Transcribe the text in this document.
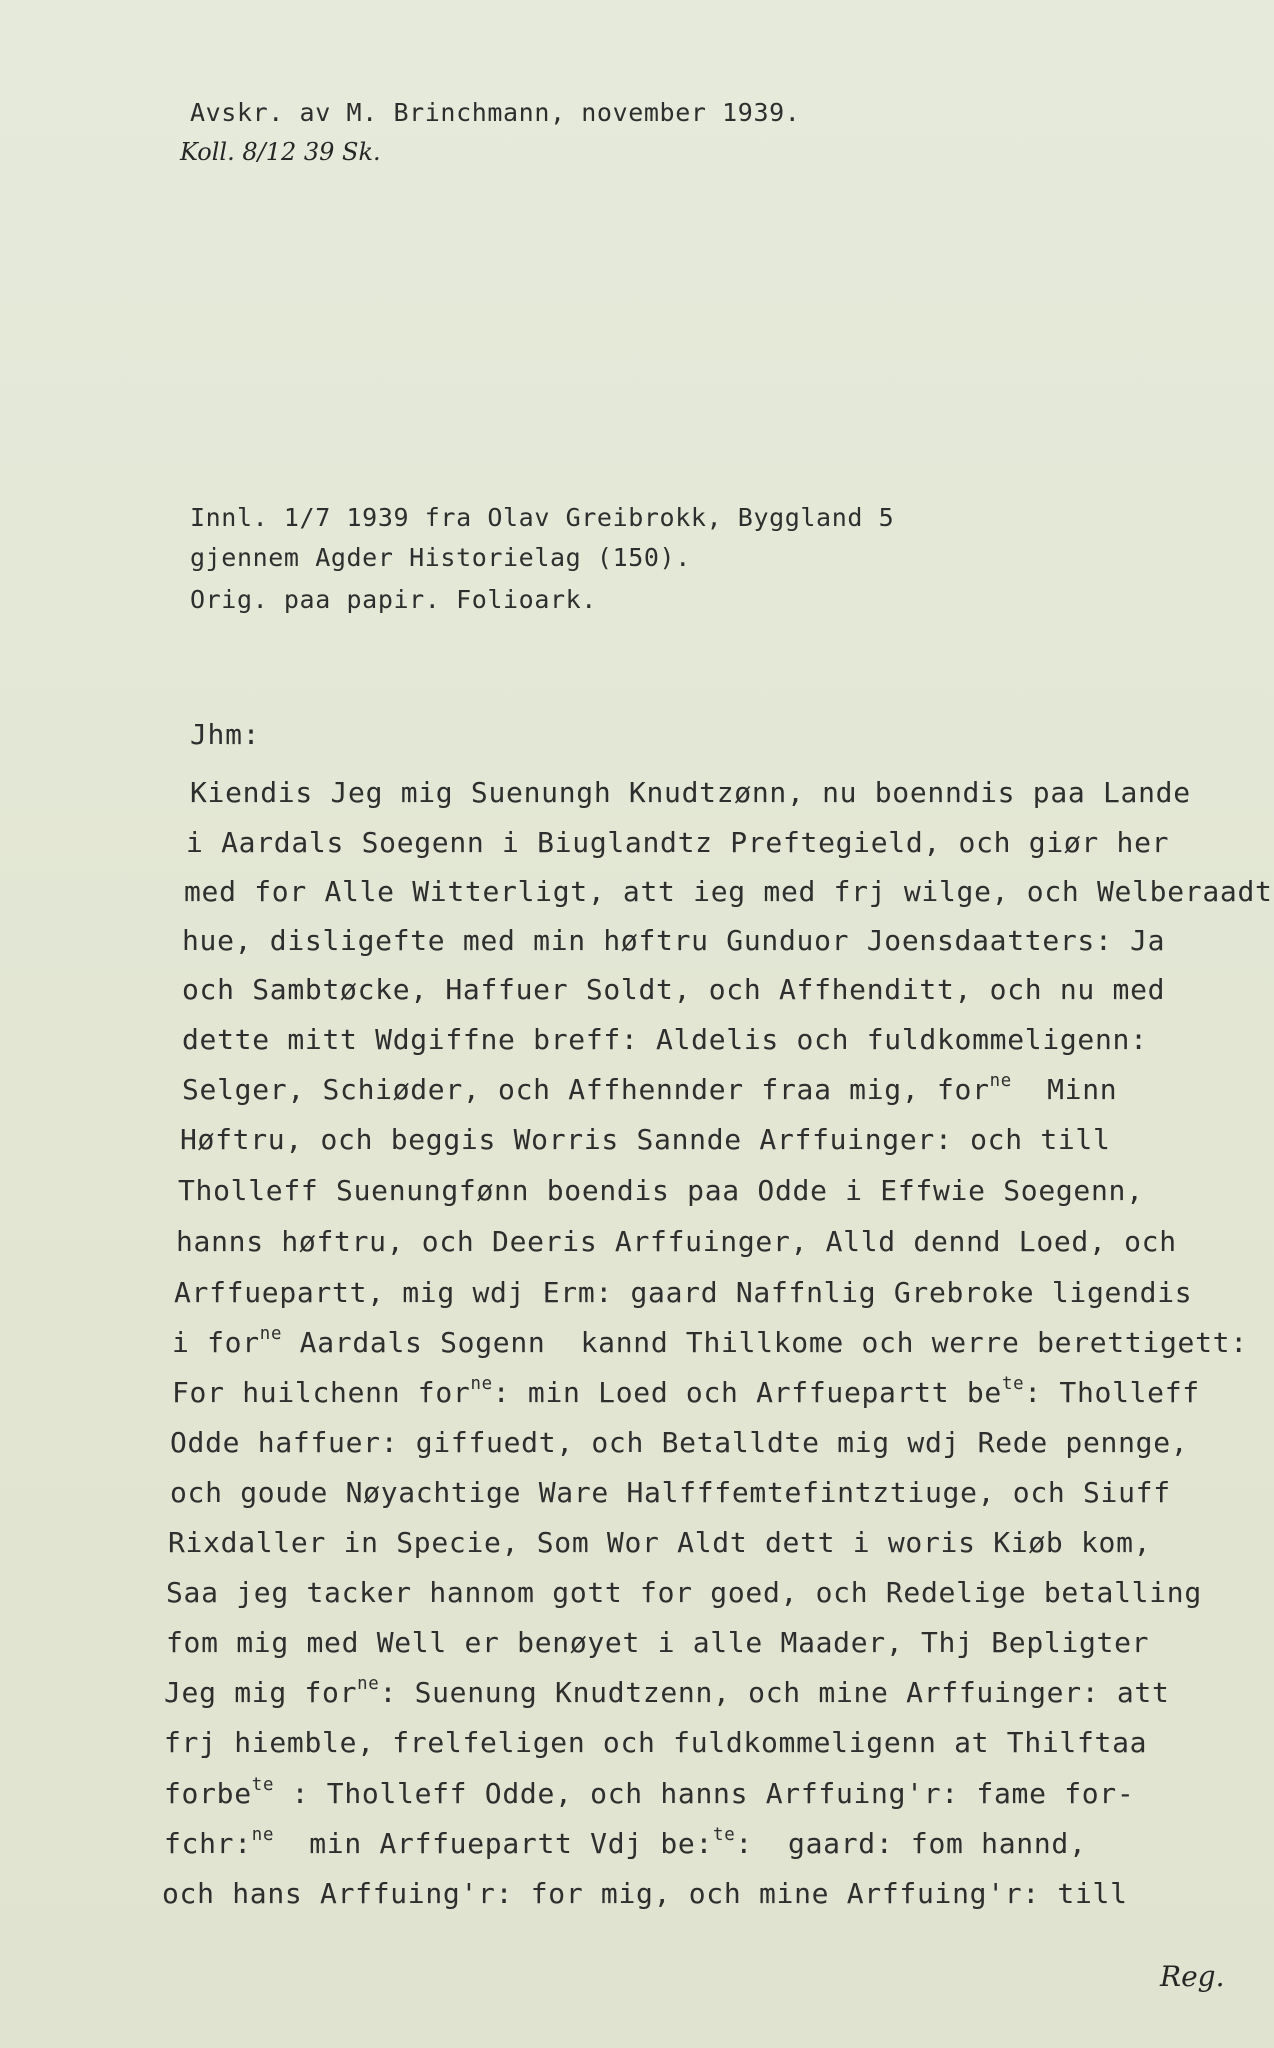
Avskr. av M. Brinchmann, november 1939.
Koll. 8/12 39 Sk.
Innl. 1/7 1939 fra Olav Greibrokk, Byggland 5
gjennem Agder Historielag (150).
Orig. paa papir. Folioark.
Jhm:
Kiendis Jeg mig Suenungh Knudtzønn, nu boenndis paa Lande
i Aardals Soegenn i Biuglandtz Preftegield, och giør her
med for Alle Witterligt, att ieg med frj wilge, och Welberaadt
hue, disligefte med min høftru Gunduor Joensdaatters: Ja
och Sambtøcke, Haffuer Soldt, och Affhenditt, och nu med
dette mitt Wdgiffne breff: Aldelis och fuldkommeligenn:
Selger, Schiøder, och Affhennder fraa mig, for$^{ne}$  Minn
Høftru, och beggis Worris Sannde Arffuinger: och till
Tholleff Suenungfønn boendis paa Odde i Effwie Soegenn,
hanns høftru, och Deeris Arffuinger, Alld dennd Loed, och
Arffuepartt, mig wdj Erm: gaard Naffnlig Grebroke ligendis
i for$^{ne}$ Aardals Sogenn  kannd Thillkome och werre berettigett:
For huilchenn for$^{ne}$: min Loed och Arffuepartt $be^{te}$: Tholleff
Odde haffuer: giffuedt, och Betalldte mig wdj Rede pennge,
och goude Nøyachtige Ware Halfffemtefintztiuge, och Siuff
Rixdaller in Specie, Som Wor Aldt dett i woris Kiøb kom,
Saa jeg tacker hannom gott for goed, och Redelige betalling
fom mig med Well er benøyet i alle Maader, Thj Bepligter
Jeg mig for$^{ne}$: Suenung Knudtzenn, och mine Arffuinger: att
frj hiemble, frelfeligen och fuldkommeligenn at Thilftaa
forbe$^{te}$ : Tholleff Odde, och hanns Arffuing'r: fame for-
fchr:$^{ne}$  min Arffuepartt Vdj be:$^{te}$:  gaard: fom hannd,
och hans Arffuing'r: for mig, och mine Arffuing'r: till
Reg.
